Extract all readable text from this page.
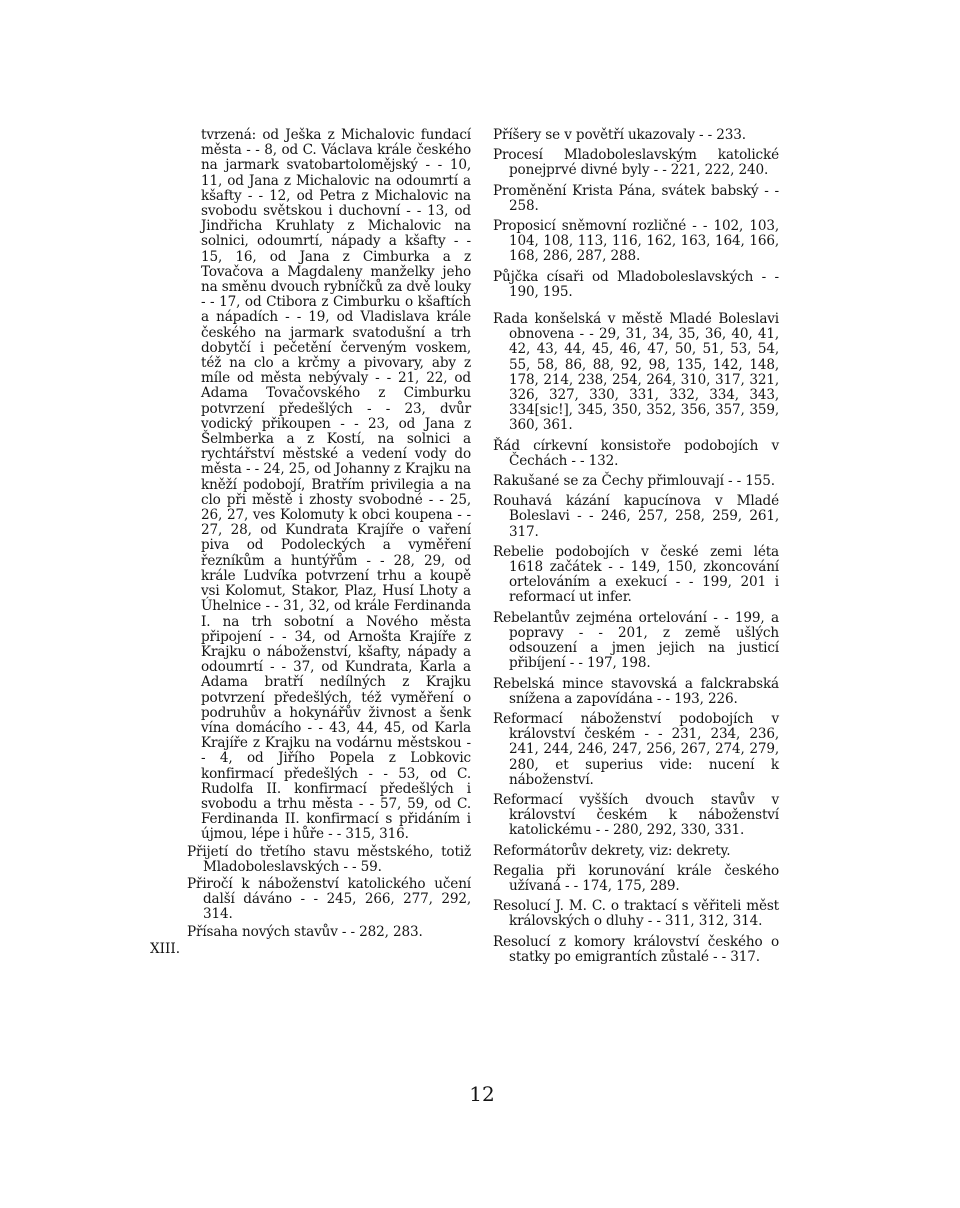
tvrzená: od Ješka z Michalovic fundací města - - 8, od C. Václava krále českého na jarmark svatobartolomějský - - 10, 11, od Jana z Michalovic na odoumrtí a kšafty - - 12, od Petra z Michalovic na svobodu světskou i duchovní - - 13, od Jindřicha Kruhlaty z Michalovic na solnici, odoumrtí, nápady a kšafty - - 15, 16, od Jana z Cimburka a z Tovačova a Magdaleny manželky jeho na směnu dvouch rybníčků za dvě louky - - 17, od Ctibora z Cimburku o kšaftích a nápadích - - 19, od Vladislava krále českého na jarmark svatodušní a trh dobytčí i pečetění červeným voskem, též na clo a krčmy a pivovary, aby z míle od města nebývaly - - 21, 22, od Adama Tovačovského z Cimburku potvrzení předešlých - - 23, dvůr vodický přikoupen - - 23, od Jana z Šelmberka a z Kostí, na solnici a rychtářství městské a vedení vody do města - - 24, 25, od Johanny z Krajku na kněží podobojí, Bratřím privilegia a na clo při městě i zhosty svobodné - - 25, 26, 27, ves Kolomuty k obci koupena - - 27, 28, od Kundrata Krajíře o vaření piva od Podoleckých a vyměření řezníkům a huntýřům - - 28, 29, od krále Ludvíka potvrzení trhu a koupě vsi Kolomut, Stakor, Plaz, Husí Lhoty a Úhelnice - - 31, 32, od krále Ferdinanda I. na trh sobotní a Nového města připojení - - 34, od Arnošta Krajíře z Krajku o náboženství, kšafty, nápady a odoumrtí - - 37, od Kundrata, Karla a Adama bratří nedílných z Krajku potvrzení předešlých, též vyměření o podruhův a hokynářův živnost a šenk vína domácího - - 43, 44, 45, od Karla Krajíře z Krajku na vodárnu městskou - - 4, od Jiřího Popela z Lobkovic konfirmací předešlých - - 53, od C. Rudolfa II. konfirmací předešlých i svobodu a trhu města - - 57, 59, od C. Ferdinanda II. konfirmací s přidáním i újmou, lépe i hůře - - 315, 316.
Přijetí do třetího stavu městského, totiž Mladoboleslavských - - 59.
Přiročí k náboženství katolického učení další dáváno - - 245, 266, 277, 292, 314.
Přísaha nových stavův - - 282, 283.
XIII.
Příšery se v povětří ukazovaly - - 233.
Procesí Mladoboleslavským katolické ponejprvé divné byly - - 221, 222, 240.
Proměnění Krista Pána, svátek babský - - 258.
Proposicí sněmovní rozličné - - 102, 103, 104, 108, 113, 116, 162, 163, 164, 166, 168, 286, 287, 288.
Půjčka císaři od Mladoboleslavských - - 190, 195.
Rada konšelská v městě Mladé Boleslavi obnovena - - 29, 31, 34, 35, 36, 40, 41, 42, 43, 44, 45, 46, 47, 50, 51, 53, 54, 55, 58, 86, 88, 92, 98, 135, 142, 148, 178, 214, 238, 254, 264, 310, 317, 321, 326, 327, 330, 331, 332, 334, 343, 334[sic!], 345, 350, 352, 356, 357, 359, 360, 361.
Řád církevní konsistoře podobojích v Čechách - - 132.
Rakušané se za Čechy přimlouvají - - 155.
Rouhavá kázání kapucínova v Mladé Boleslavi - - 246, 257, 258, 259, 261, 317.
Rebelie podobojích v české zemi léta 1618 začátek - - 149, 150, zkoncování ortelováním a exekucí - - 199, 201 i reformací ut infer.
Rebelantův zejména ortelování - - 199, a popravy - - 201, z země ušlých odsouzení a jmen jejich na justicí přibíjení - - 197, 198.
Rebelská mince stavovská a falckrabská snížena a zapovídána - - 193, 226.
Reformací náboženství podobojích v království českém - - 231, 234, 236, 241, 244, 246, 247, 256, 267, 274, 279, 280, et superius vide: nucení k náboženství.
Reformací vyšších dvouch stavův v království českém k náboženství katolickému - - 280, 292, 330, 331.
Reformátorův dekrety, viz: dekrety.
Regalia při korunování krále českého užívaná - - 174, 175, 289.
Resolucí J. M. C. o traktací s věřiteli měst královských o dluhy - - 311, 312, 314.
Resolucí z komory království českého o statky po emigrantích zůstalé - - 317.
12
